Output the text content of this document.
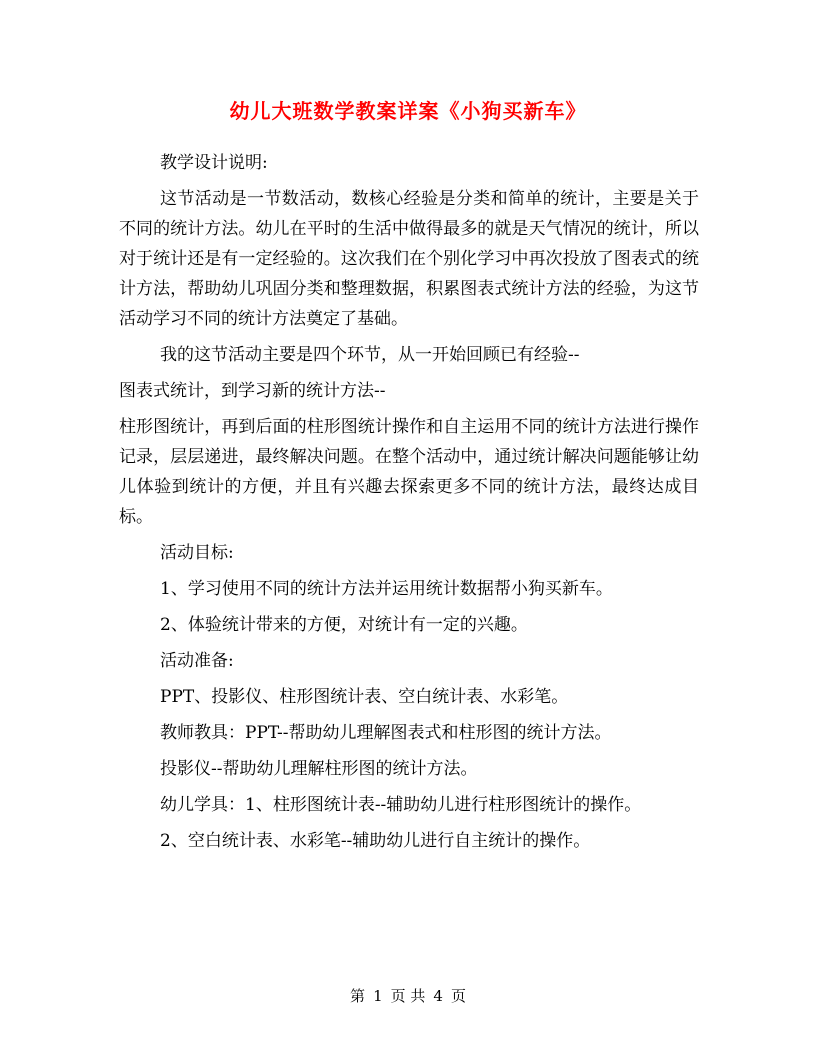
幼儿大班数学教案详案《小狗买新车》
教学设计说明:
这节活动是一节数活动，数核心经验是分类和简单的统计，主要是关于不同的统计方法。幼儿在平时的生活中做得最多的就是天气情况的统计，所以对于统计还是有一定经验的。这次我们在个别化学习中再次投放了图表式的统计方法，帮助幼儿巩固分类和整理数据，积累图表式统计方法的经验，为这节活动学习不同的统计方法奠定了基础。
我的这节活动主要是四个环节，从一开始回顾已有经验--
图表式统计，到学习新的统计方法--
柱形图统计，再到后面的柱形图统计操作和自主运用不同的统计方法进行操作记录，层层递进，最终解决问题。在整个活动中，通过统计解决问题能够让幼儿体验到统计的方便，并且有兴趣去探索更多不同的统计方法，最终达成目标。
活动目标:
1、学习使用不同的统计方法并运用统计数据帮小狗买新车。
2、体验统计带来的方便，对统计有一定的兴趣。
活动准备:
PPT、投影仪、柱形图统计表、空白统计表、水彩笔。
教师教具：PPT--帮助幼儿理解图表式和柱形图的统计方法。
投影仪--帮助幼儿理解柱形图的统计方法。
幼儿学具：1、柱形图统计表--辅助幼儿进行柱形图统计的操作。
2、空白统计表、水彩笔--辅助幼儿进行自主统计的操作。
第 1 页 共 4 页
